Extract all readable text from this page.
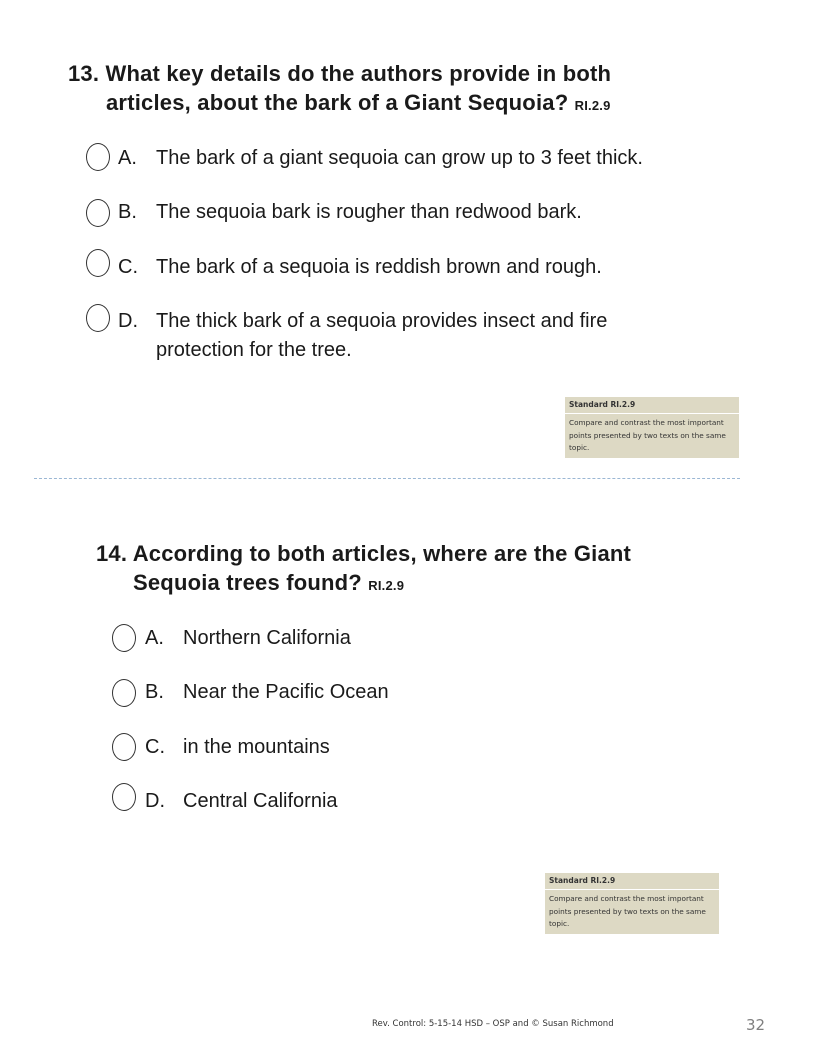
13. What key details do the authors provide in both
articles, about the bark of a Giant Sequoia? RI.2.9
A. The bark of a giant sequoia can grow up to 3 feet thick.
B. The sequoia bark is rougher than redwood bark.
C. The bark of a sequoia is reddish brown and rough.
D. The thick bark of a sequoia provides insect and fire
protection for the tree.
Standard RI.2.9
Compare and contrast the most important points presented by two texts on the same topic.
14. According to both articles, where are the Giant
Sequoia trees found? RI.2.9
A. Northern California
B. Near the Pacific Ocean
C. in the mountains
D. Central California
Standard RI.2.9
Compare and contrast the most important points presented by two texts on the same topic.
Rev. Control: 5-15-14 HSD – OSP and © Susan Richmond	32
